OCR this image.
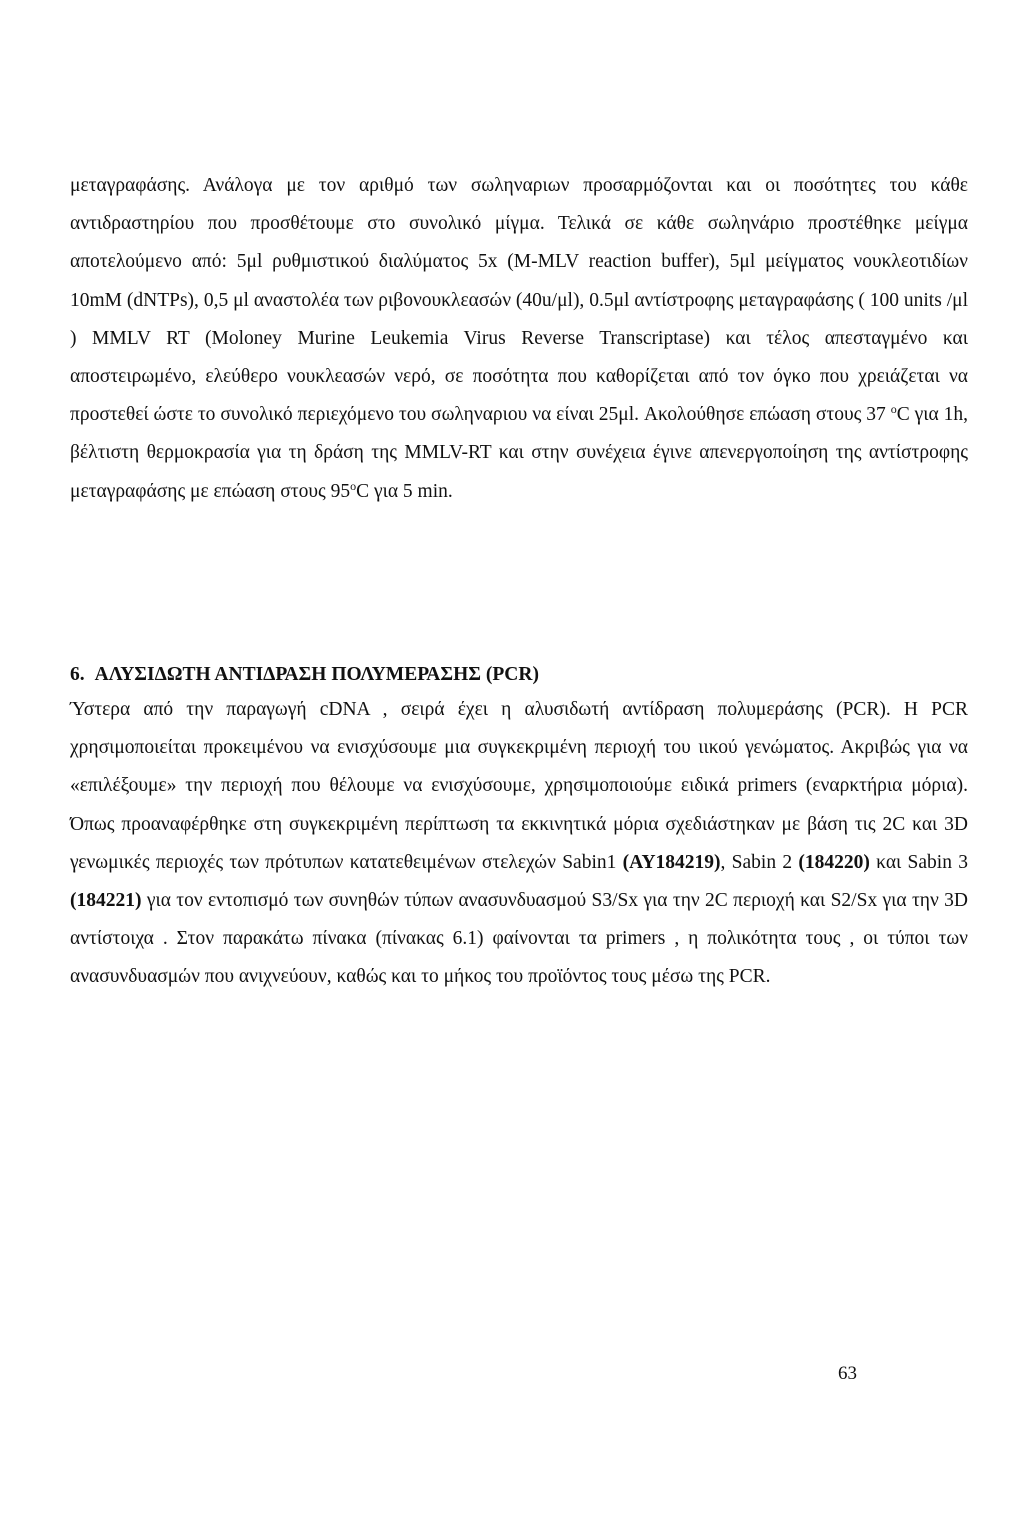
μεταγραφάσης. Ανάλογα με τον αριθμό των σωληναριων προσαρμόζονται και οι ποσότητες του κάθε αντιδραστηρίου που προσθέτουμε στο συνολικό μίγμα. Τελικά σε κάθε σωληνάριο προστέθηκε μείγμα αποτελούμενο από: 5μl ρυθμιστικού διαλύματος 5x (M-MLV reaction buffer), 5μl μείγματος νουκλεοτιδίων 10mM (dNTPs), 0,5 μl αναστολέα των ριβονουκλεασών (40u/μl), 0.5μl αντίστροφης μεταγραφάσης ( 100 units /μl ) MMLV RT (Moloney Murine Leukemia Virus Reverse Transcriptase) και τέλος απεσταγμένο και αποστειρωμένο, ελεύθερο νουκλεασών νερό, σε ποσότητα που καθορίζεται από τον όγκο που χρειάζεται να προστεθεί ώστε το συνολικό περιεχόμενο του σωληναριου να είναι 25μl. Ακολούθησε επώαση στους 37 $^o$C για 1h, βέλτιστη θερμοκρασία για τη δράση της MMLV-RT και στην συνέχεια έγινε απενεργοποίηση της αντίστροφης μεταγραφάσης με επώαση στους 95$^o$C για 5 min.

6. ΑΛΥΣΙΔΩΤΗ ΑΝΤΙΔΡΑΣΗ ΠΟΛΥΜΕΡΑΣΗΣ (PCR)

Ύστερα από την παραγωγή cDNA , σειρά έχει η αλυσιδωτή αντίδραση πολυμεράσης (PCR). Η PCR χρησιμοποιείται προκειμένου να ενισχύσουμε μια συγκεκριμένη περιοχή του ιικού γενώματος. Ακριβώς για να «επιλέξουμε» την περιοχή που θέλουμε να ενισχύσουμε, χρησιμοποιούμε ειδικά primers (εναρκτήρια μόρια). Όπως προαναφέρθηκε στη συγκεκριμένη περίπτωση τα εκκινητικά μόρια σχεδιάστηκαν με βάση τις 2C και 3D γενωμικές περιοχές των πρότυπων κατατεθειμένων στελεχών Sabin1 (AY184219), Sabin 2 (184220) και Sabin 3 (184221) για τον εντοπισμό των συνηθών τύπων ανασυνδυασμού S3/Sx για την 2C περιοχή και S2/Sx για την 3D αντίστοιχα . Στον παρακάτω πίνακα (πίνακας 6.1) φαίνονται τα primers , η πολικότητα τους , οι τύποι των ανασυνδυασμών που ανιχνεύουν, καθώς και το μήκος του προϊόντος τους μέσω της PCR.

63
